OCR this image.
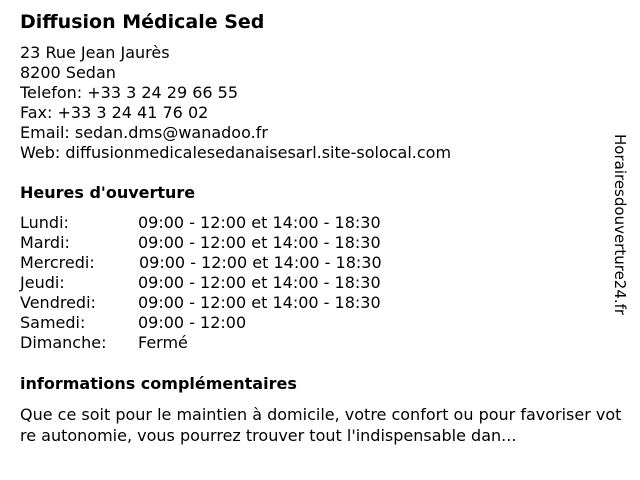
Diffusion Médicale Sed
23 Rue Jean Jaurès
8200 Sedan
Telefon: +33 3 24 29 66 55
Fax: +33 3 24 41 76 02
Email: sedan.dms@wanadoo.fr
Web: diffusionmedicalesedanaisesarl.site-solocal.com
Heures d'ouverture
Lundi:	09:00 - 12:00 et 14:00 - 18:30
Mardi:	09:00 - 12:00 et 14:00 - 18:30
Mercredi:	09:00 - 12:00 et 14:00 - 18:30
Jeudi:	09:00 - 12:00 et 14:00 - 18:30
Vendredi:	09:00 - 12:00 et 14:00 - 18:30
Samedi:	09:00 - 12:00
Dimanche: Fermé
informations complémentaires
Que ce soit pour le maintien à domicile, votre confort ou pour favoriser votre autonomie, vous pourrez trouver tout l'indispensable dan...
Horairesdouverture24.fr
